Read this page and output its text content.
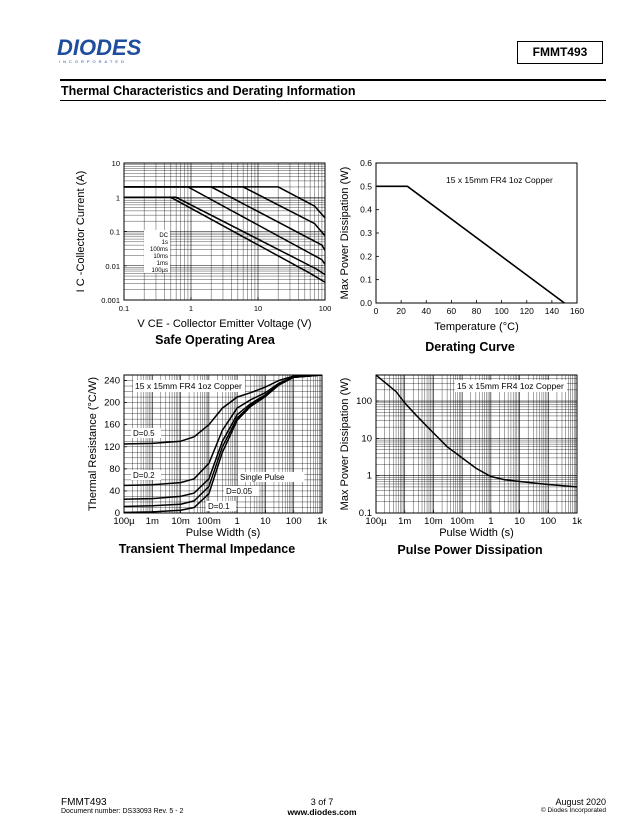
DIODES
INCORPORATED
FMMT493
Thermal Characteristics and Derating Information
0.1	1	10	100
0.001
0.01
0.1
1
10
V CE - Collector Emitter Voltage (V)
I C -Collector Current (A)
Safe Operating Area
DC
1s
100ms
10ms
1ms
100µs
0 20 40 60 80 100 120 140 160
0.0
0.1
0.2
0.3
0.4
0.5
0.6
Temperature (°C)
Max Power Dissipation (W)
Derating Curve
15 x 15mm FR4 1oz Copper
100µ 1m 10m 100m 1 10 100 1k
0
40
80
120
160
200
240
Pulse Width (s)
Thermal Resistance (°C/W)
Transient Thermal Impedance
15 x 15mm FR4 1oz Copper
D=0.5
D=0.2	Single Pulse
D=0.05
D=0.1
100µ 1m 10m 100m 1 10 100 1k
0.1
1
10
100
Pulse Width (s)
Max Power Dissipation (W)
Pulse Power Dissipation
15 x 15mm FR4 1oz Copper
FMMT493
Document number: DS33093 Rev. 5 - 2
3 of 7
www.diodes.com
August 2020
© Diodes Incorporated
